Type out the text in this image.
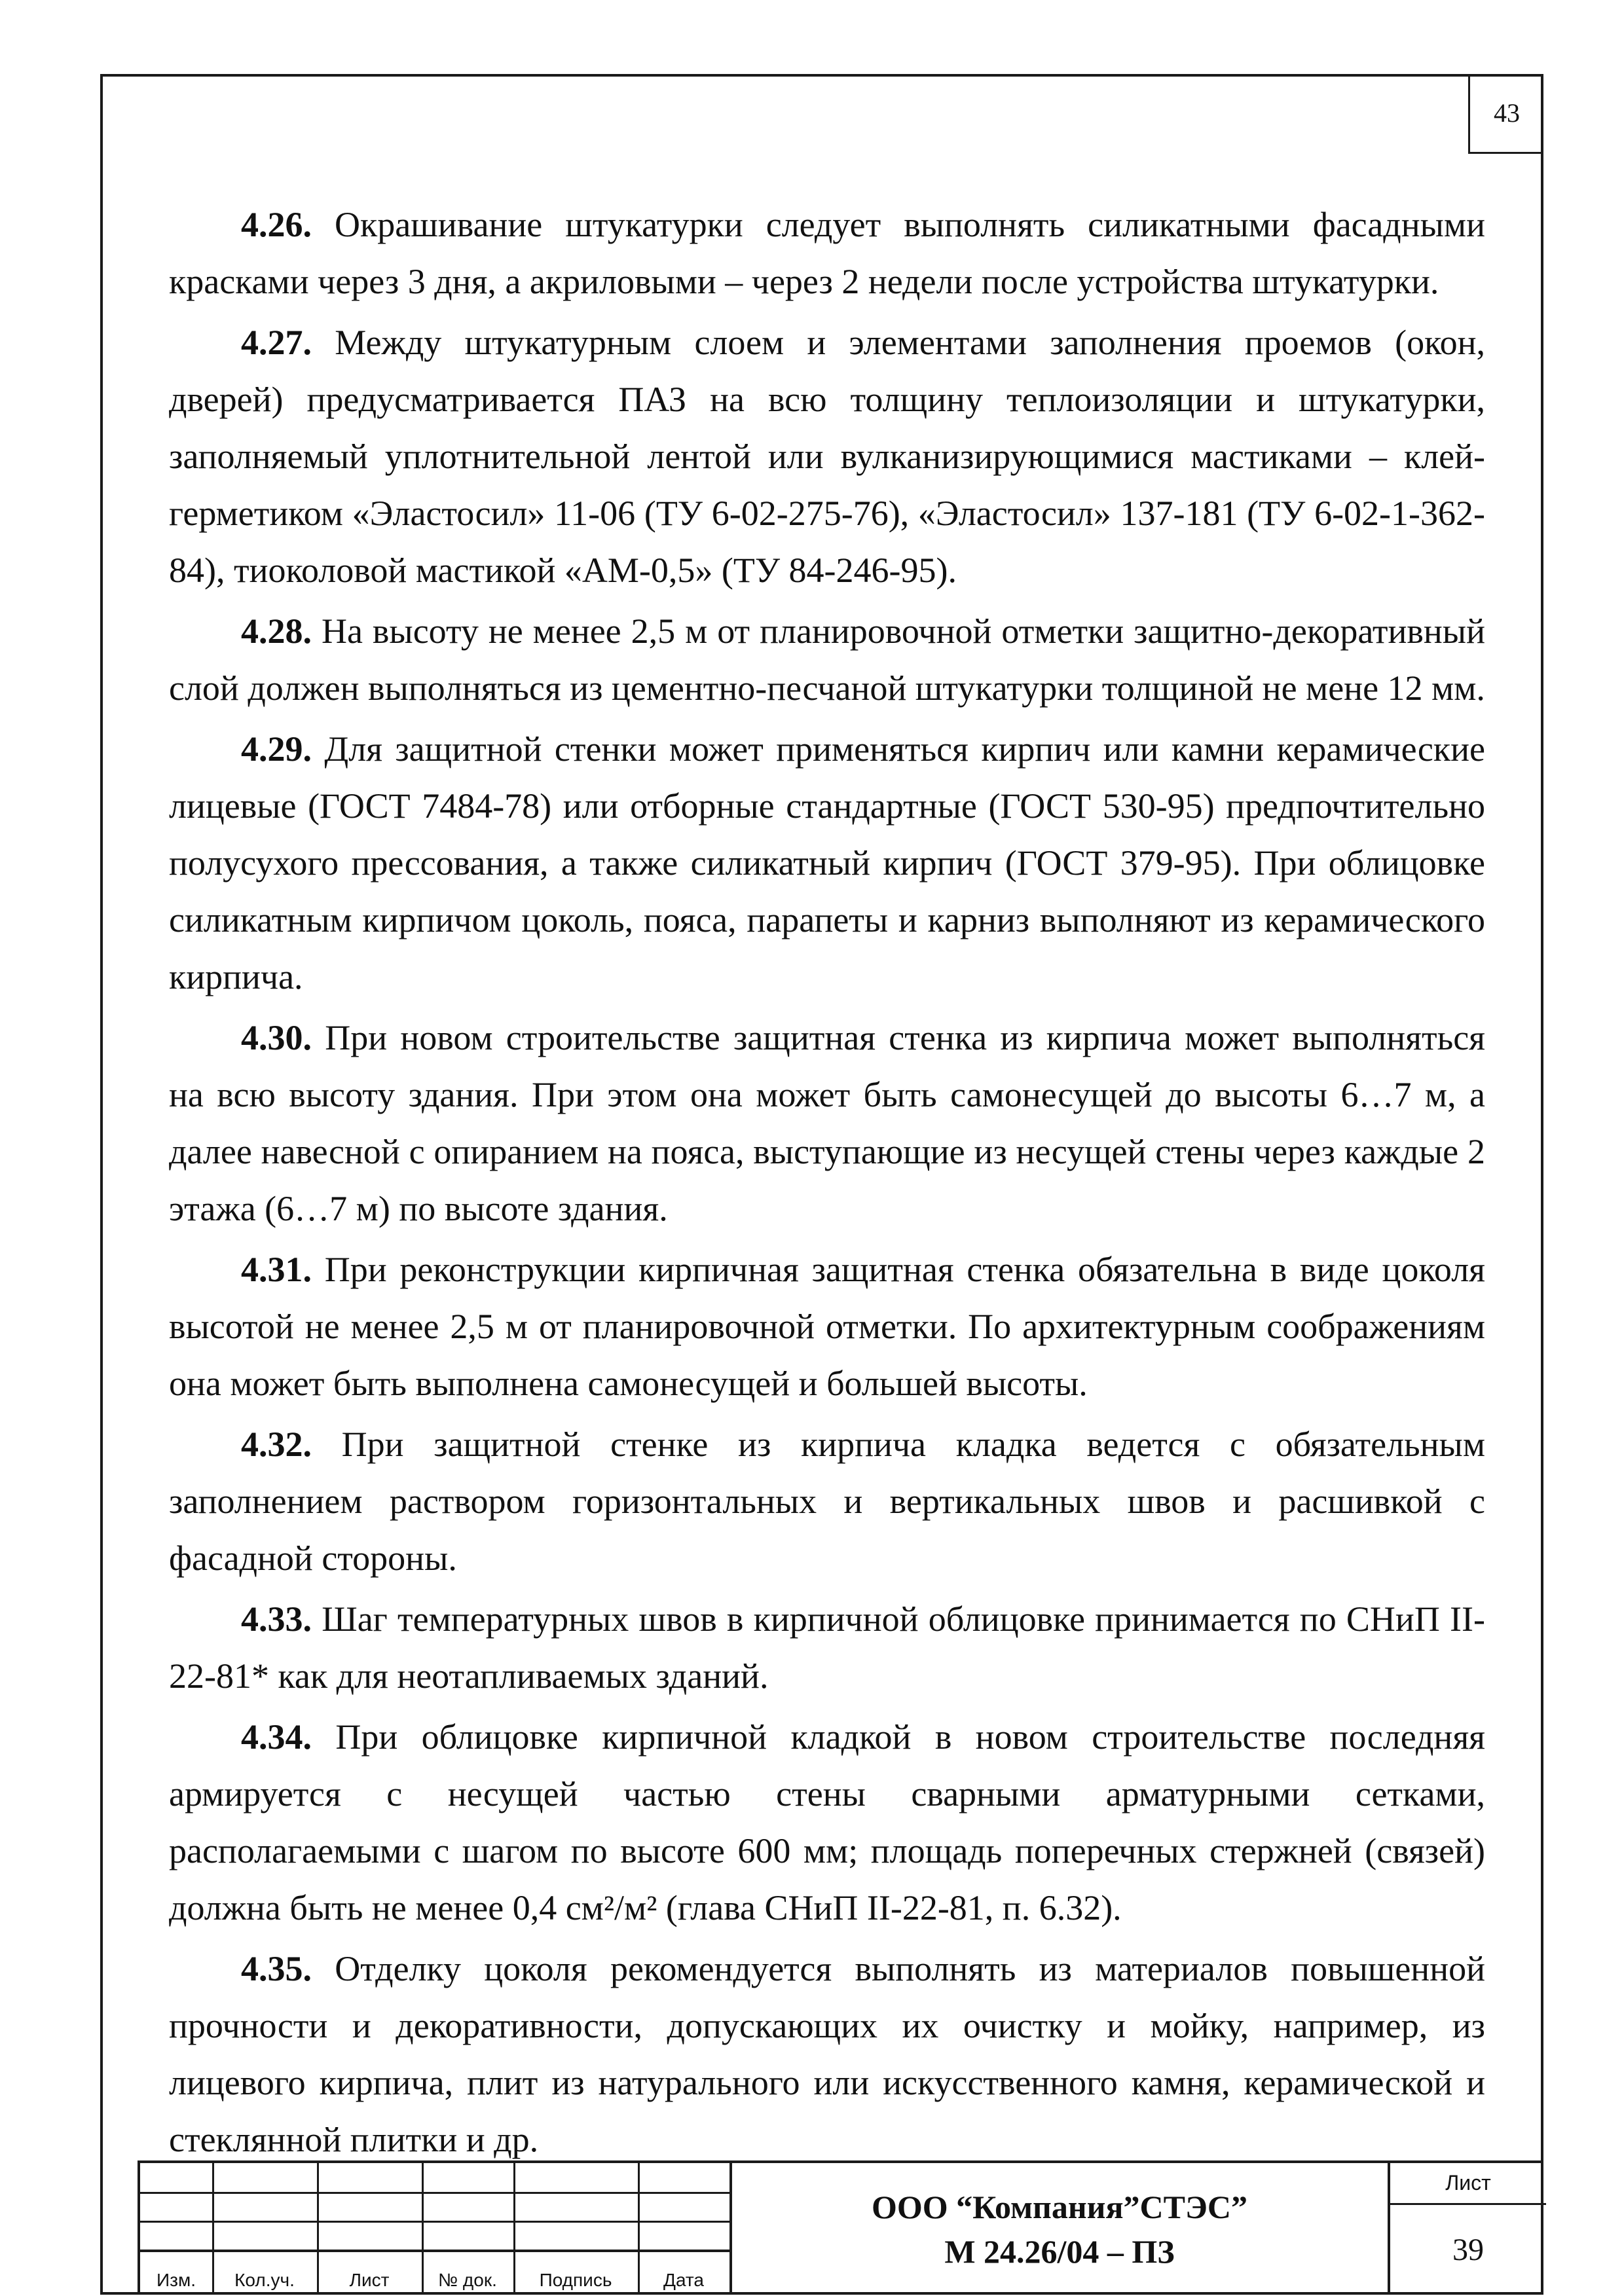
43

4.26. Окрашивание штукатурки следует выполнять силикатными фасадными красками через 3 дня, а акриловыми – через 2 недели после устройства штукатурки.

4.27. Между штукатурным слоем и элементами заполнения проемов (окон, дверей) предусматривается ПАЗ на всю толщину теплоизоляции и штукатурки, заполняемый уплотнительной лентой или вулканизирующимися мастиками – клей-герметиком «Эластосил» 11-06 (ТУ 6-02-275-76), «Эластосил» 137-181 (ТУ 6-02-1-362-84), тиоколовой мастикой «АМ-0,5» (ТУ 84-246-95).

4.28. На высоту не менее 2,5 м от планировочной отметки защитно-декоративный слой должен выполняться из цементно-песчаной штукатурки толщиной не мене 12 мм.

4.29. Для защитной стенки может применяться кирпич или камни керамические лицевые (ГОСТ 7484-78) или отборные стандартные (ГОСТ 530-95) предпочтительно полусухого прессования, а также силикатный кирпич (ГОСТ 379-95). При облицовке силикатным кирпичом цоколь, пояса, парапеты и карниз выполняют из керамического кирпича.

4.30. При новом строительстве защитная стенка из кирпича может выполняться на всю высоту здания. При этом она может быть самонесущей до высоты 6…7 м, а далее навесной с опиранием на пояса, выступающие из несущей стены через каждые 2 этажа (6…7 м) по высоте здания.

4.31. При реконструкции кирпичная защитная стенка обязательна в виде цоколя высотой не менее 2,5 м от планировочной отметки. По архитектурным соображениям она может быть выполнена самонесущей и большей высоты.

4.32. При защитной стенке из кирпича кладка ведется с обязательным заполнением раствором горизонтальных и вертикальных швов и расшивкой с фасадной стороны.

4.33. Шаг температурных швов в кирпичной облицовке принимается по СНиП II-22-81* как для неотапливаемых зданий.

4.34. При облицовке кирпичной кладкой в новом строительстве последняя армируется с несущей частью стены сварными арматурными сетками, располагаемыми с шагом по высоте 600 мм; площадь поперечных стержней (связей) должна быть не менее 0,4 см²/м² (глава СНиП II-22-81, п. 6.32).

4.35. Отделку цоколя рекомендуется выполнять из материалов повышенной прочности и декоративности, допускающих их очистку и мойку, например, из лицевого кирпича, плит из натурального или искусственного камня, керамической и стеклянной плитки и др.

Изм.	Кол.уч.	Лист	№ док.	Подпись	Дата
ООО “Компания”СТЭС”
М 24.26/04 – ПЗ
Лист
39
